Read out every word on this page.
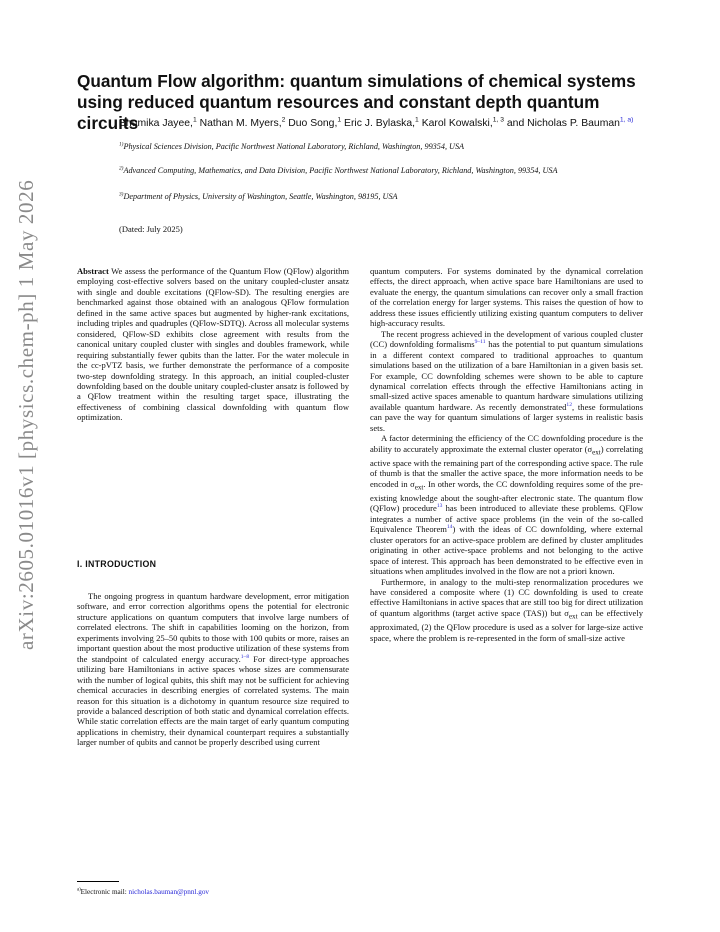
arXiv:2605.01016v1 [physics.chem-ph] 1 May 2026
Quantum Flow algorithm: quantum simulations of chemical systems using reduced quantum resources and constant depth quantum circuits
Bhumika Jayee,$^1$ Nathan M. Myers,$^2$ Duo Song,$^1$ Eric J. Bylaska,$^1$ Karol Kowalski,$^{1, 3}$ and Nicholas P. Bauman$^{1, a)}$
$^{1)}$Physical Sciences Division, Pacific Northwest National Laboratory, Richland, Washington, 99354, USA
$^{2)}$Advanced Computing, Mathematics, and Data Division, Pacific Northwest National Laboratory, Richland, Washington, 99354, USA
$^{3)}$Department of Physics, University of Washington, Seattle, Washington, 98195, USA
(Dated: July 2025)

Abstract We assess the performance of the Quantum Flow (QFlow) algorithm employing cost-effective solvers based on the unitary coupled-cluster ansatz with single and double excitations (QFlow-SD). The resulting energies are benchmarked against those obtained with an analogous QFlow formulation defined in the same active spaces but augmented by higher-rank excitations, including triples and quadruples (QFlow-SDTQ). Across all molecular systems considered, QFlow-SD exhibits close agreement with results from the canonical unitary coupled cluster with singles and doubles framework, while requiring substantially fewer qubits than the latter. For the water molecule in the cc-pVTZ basis, we further demonstrate the performance of a composite two-step downfolding strategy. In this approach, an initial coupled-cluster downfolding based on the double unitary coupled-cluster ansatz is followed by a QFlow treatment within the resulting target space, illustrating the effectiveness of combining classical downfolding with quantum flow optimization.

I. INTRODUCTION

The ongoing progress in quantum hardware development, error mitigation software, and error correction algorithms opens the potential for electronic structure applications on quantum computers that involve large numbers of correlated electrons. The shift in capabilities looming on the horizon, from experiments involving 25–50 qubits to those with 100 qubits or more, raises an important question about the most productive utilization of these systems from the standpoint of calculated energy accuracy.$^{1-8}$ For direct-type approaches utilizing bare Hamiltonians in active spaces whose sizes are commensurate with the number of logical qubits, this shift may not be sufficient for achieving chemical accuracies in describing energies of correlated systems. The main reason for this situation is a dichotomy in quantum resource size required to provide a balanced description of both static and dynamical correlation effects. While static correlation effects are the main target of early quantum computing applications in chemistry, their dynamical counterpart requires a substantially larger number of qubits and cannot be properly described using current

quantum computers. For systems dominated by the dynamical correlation effects, the direct approach, when active space bare Hamiltonians are used to evaluate the energy, the quantum simulations can recover only a small fraction of the correlation energy for larger systems. This raises the question of how to address these issues efficiently utilizing existing quantum computers to deliver high-accuracy results.

The recent progress achieved in the development of various coupled cluster (CC) downfolding formalisms$^{9-11}$ has the potential to put quantum simulations in a different context compared to traditional approaches to quantum simulations based on the utilization of a bare Hamiltonian in a given basis set. For example, CC downfolding schemes were shown to be able to capture dynamical correlation effects through the effective Hamiltonians acting in small-sized active spaces amenable to quantum hardware simulations utilizing available quantum hardware. As recently demonstrated$^{12}$, these formulations can pave the way for quantum simulations of larger systems in realistic basis sets.

A factor determining the efficiency of the CC downfolding procedure is the ability to accurately approximate the external cluster operator $(\sigma_{ext})$ correlating active space with the remaining part of the corresponding active space. The rule of thumb is that the smaller the active space, the more information needs to be encoded in $\sigma_{ext}$. In other words, the CC downfolding requires some of the pre-existing knowledge about the sought-after electronic state. The quantum flow (QFlow) procedure$^{13}$ has been introduced to alleviate these problems. QFlow integrates a number of active space problems (in the vein of the so-called Equivalence Theorem$^{14}$) with the ideas of CC downfolding, where external cluster operators for an active-space problem are defined by cluster amplitudes originating in other active-space problems and not belonging to the active space of interest. This approach has been demonstrated to be effective even in situations when amplitudes involved in the flow are not a priori known.

Furthermore, in analogy to the multi-step renormalization procedures we have considered a composite where (1) CC downfolding is used to create effective Hamiltonians in active spaces that are still too big for direct utilization of quantum algorithms (target active space (TAS)) but $\sigma_{ext}$ can be effectively approximated, (2) the QFlow procedure is used as a solver for large-size active space, where the problem is re-represented in the form of small-size active

$^{a)}$Electronic mail: nicholas.bauman@pnnl.gov
